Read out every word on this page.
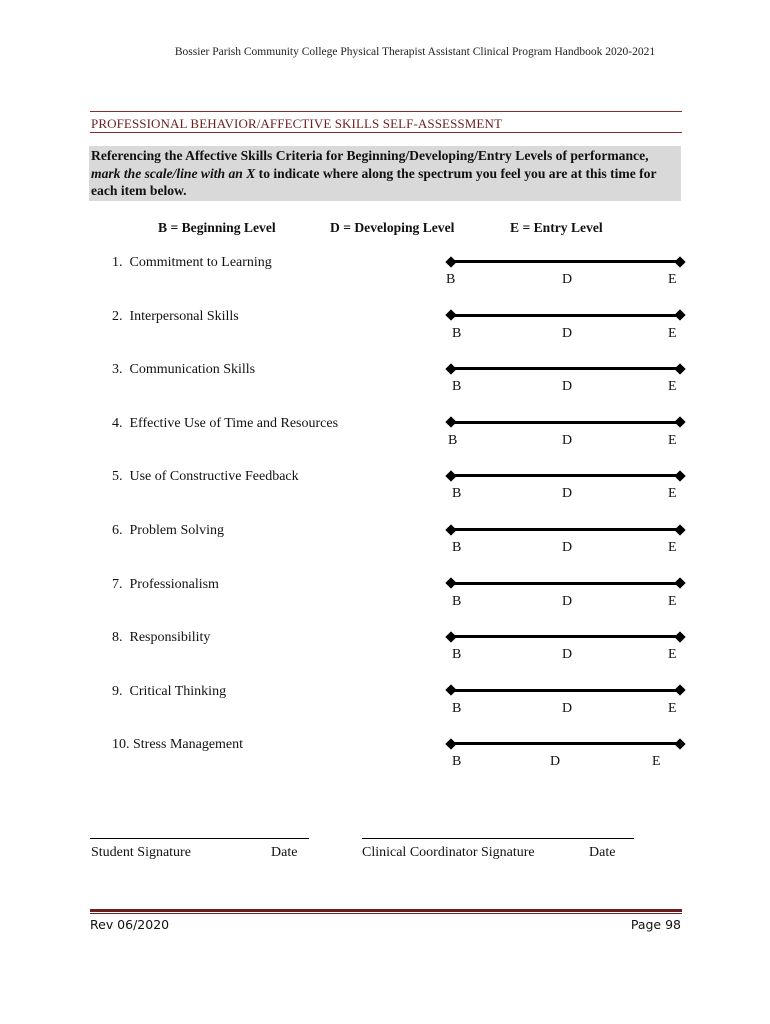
Bossier Parish Community College Physical Therapist Assistant Clinical Program Handbook 2020-2021
PROFESSIONAL BEHAVIOR/AFFECTIVE SKILLS SELF-ASSESSMENT
Referencing the Affective Skills Criteria for Beginning/Developing/Entry Levels of performance, mark the scale/line with an X to indicate where along the spectrum you feel you are at this time for each item below.
B = Beginning Level	D = Developing Level	E = Entry Level
1.  Commitment to Learning
B	D	E
2.  Interpersonal Skills
B	D	E
3.  Communication Skills
B	D	E
4.  Effective Use of Time and Resources
B	D	E
5.  Use of Constructive Feedback
B	D	E
6.  Problem Solving
B	D	E
7.  Professionalism
B	D	E
8.  Responsibility
B	D	E
9.  Critical Thinking
B	D	E
10. Stress Management
B	D	E
Student Signature	Date	Clinical Coordinator Signature	Date
Rev 06/2020	Page 98
